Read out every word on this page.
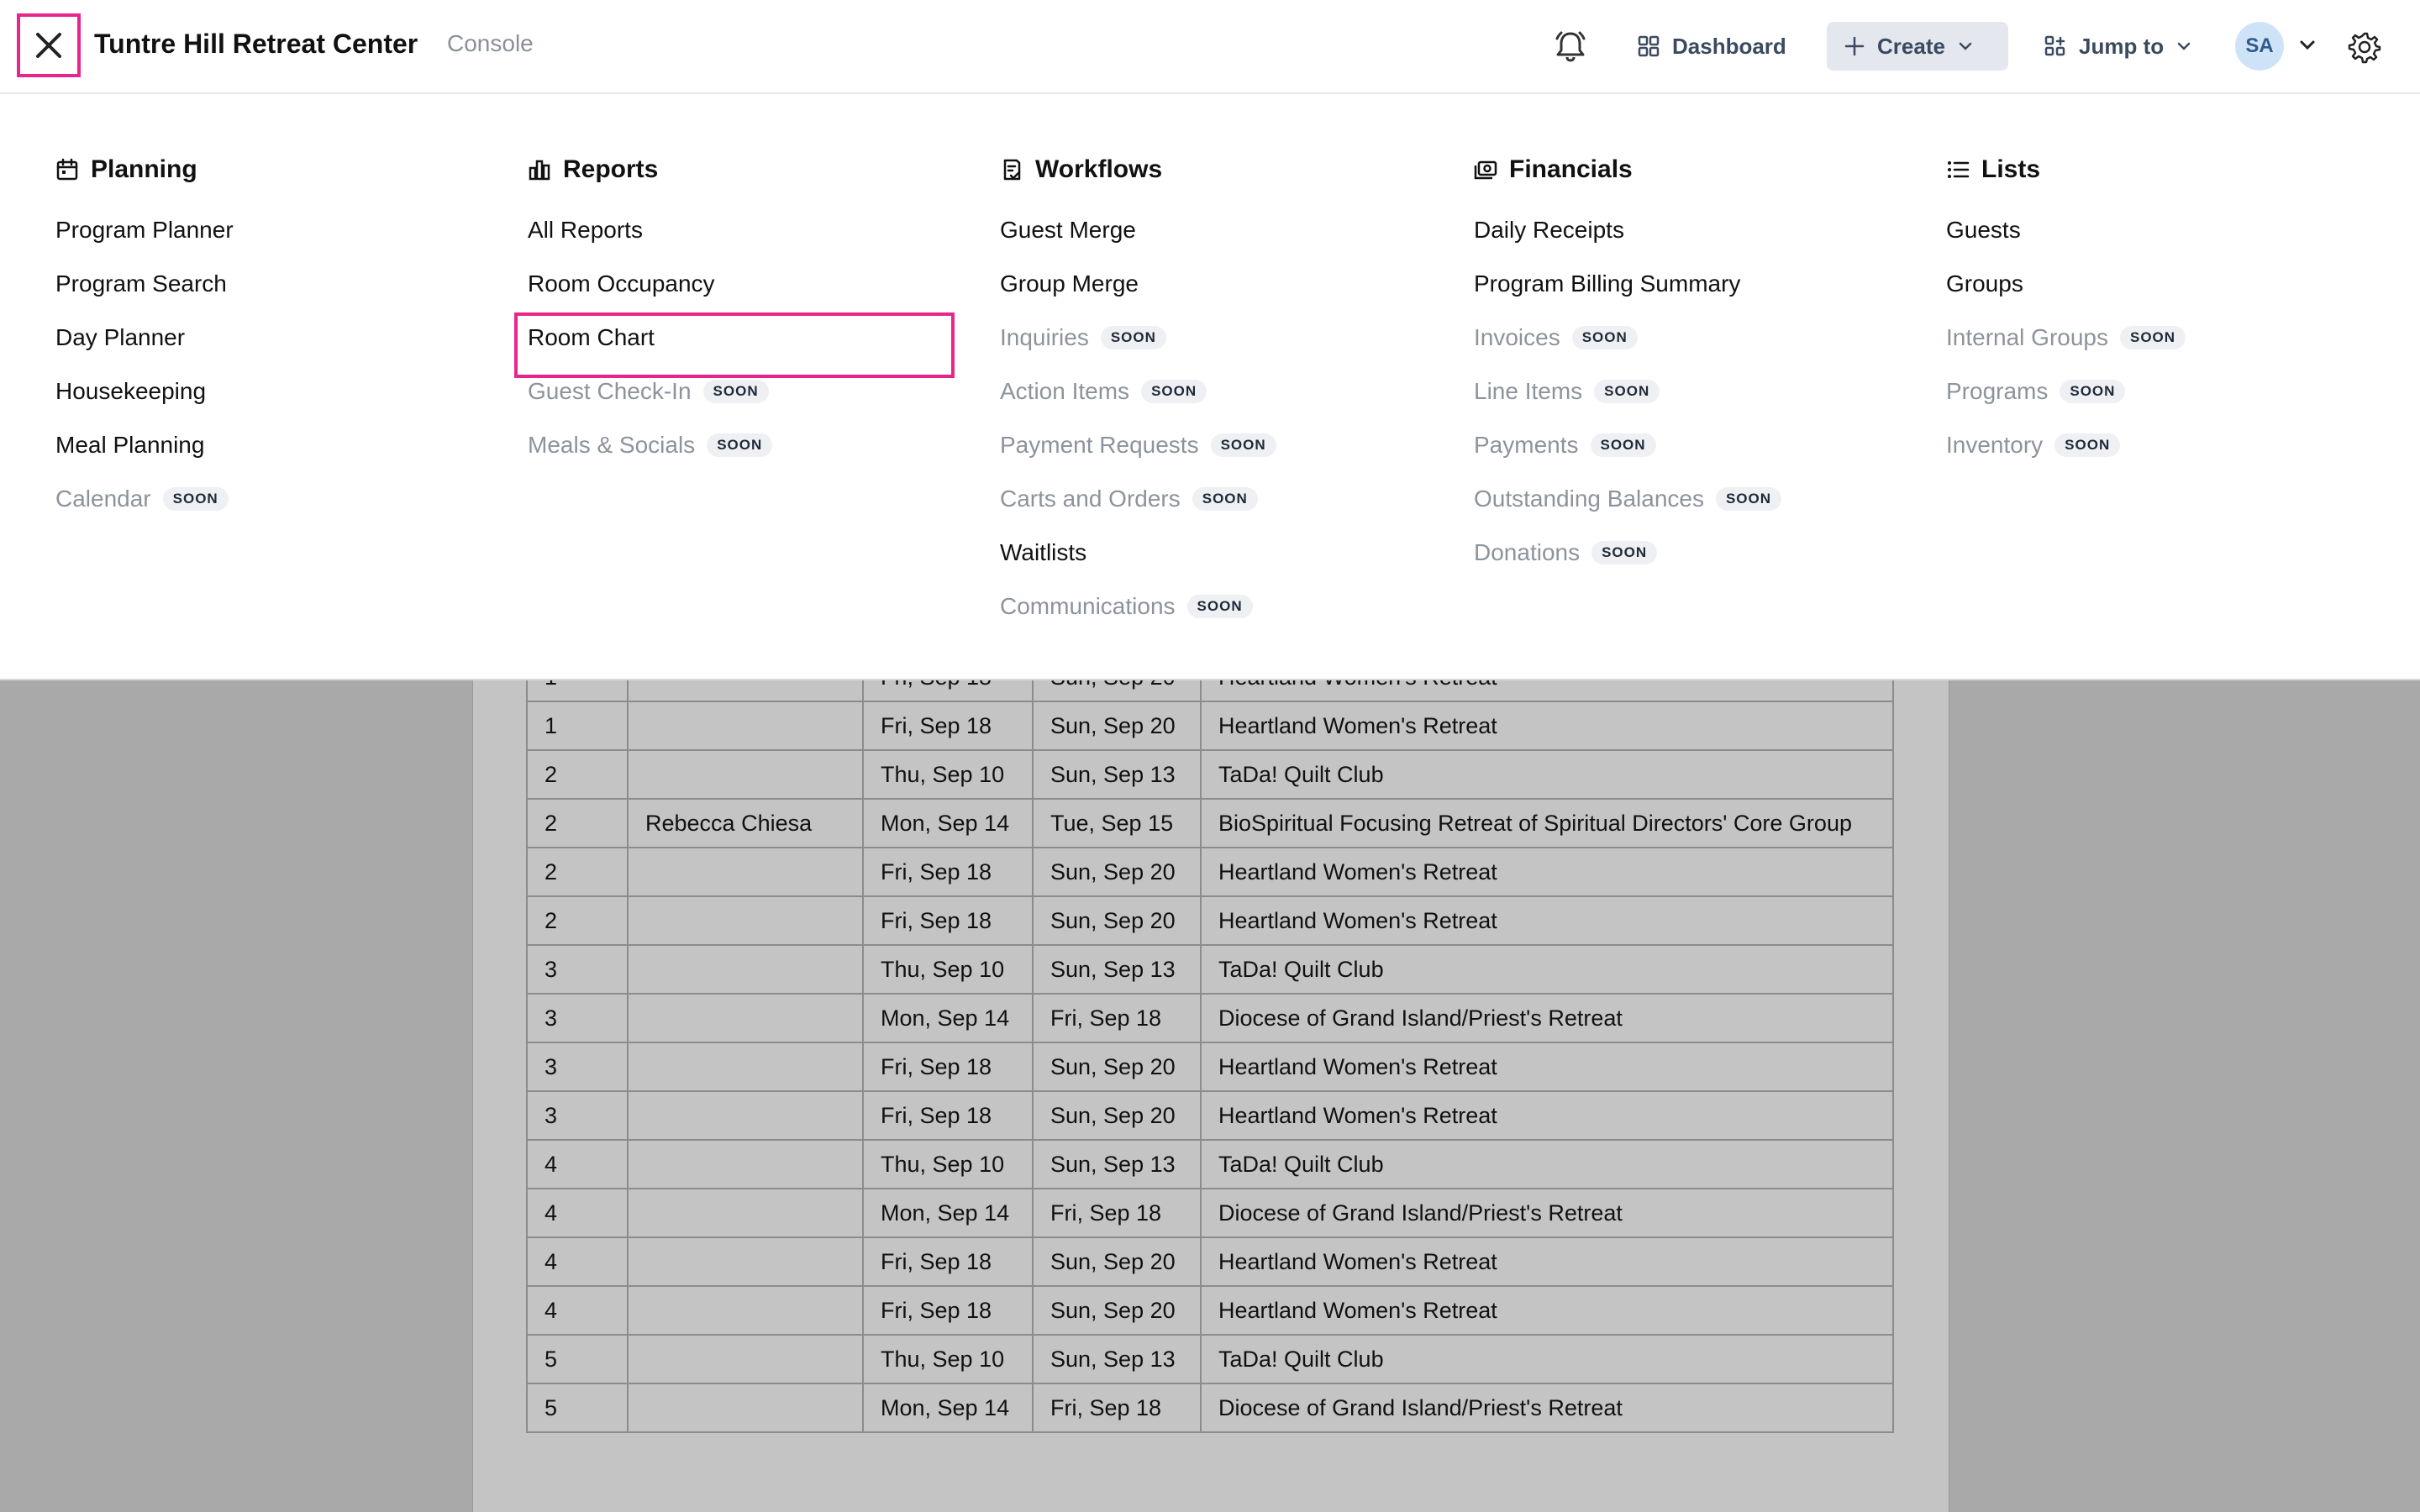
1		Fri, Sep 18	Sun, Sep 20	Heartland Women's Retreat
2		Thu, Sep 10	Sun, Sep 13	TaDa! Quilt Club
2	Rebecca Chiesa	Mon, Sep 14	Tue, Sep 15	BioSpiritual Focusing Retreat of Spiritual Directors' Core Group
2		Fri, Sep 18	Sun, Sep 20	Heartland Women's Retreat
2		Fri, Sep 18	Sun, Sep 20	Heartland Women's Retreat
3		Thu, Sep 10	Sun, Sep 13	TaDa! Quilt Club
3		Mon, Sep 14	Fri, Sep 18	Diocese of Grand Island/Priest's Retreat
3		Fri, Sep 18	Sun, Sep 20	Heartland Women's Retreat
3		Fri, Sep 18	Sun, Sep 20	Heartland Women's Retreat
4		Thu, Sep 10	Sun, Sep 13	TaDa! Quilt Club
4		Mon, Sep 14	Fri, Sep 18	Diocese of Grand Island/Priest's Retreat
4		Fri, Sep 18	Sun, Sep 20	Heartland Women's Retreat
4		Fri, Sep 18	Sun, Sep 20	Heartland Women's Retreat
5		Thu, Sep 10	Sun, Sep 13	TaDa! Quilt Club
5		Mon, Sep 14	Fri, Sep 18	Diocese of Grand Island/Priest's Retreat
Tuntre Hill Retreat Center Console	Dashboard	Create	Jump to	SA
Planning
Program Planner
Program Search
Day Planner
Housekeeping
Meal Planning
Calendar	SOON
Reports
All Reports
Room Occupancy
Room Chart
Guest Check-In	SOON
Meals & Socials	SOON
Workflows
Guest Merge
Group Merge
Inquiries	SOON
Action Items	SOON
Payment Requests	SOON
Carts and Orders	SOON
Waitlists
Communications	SOON
Financials
Daily Receipts
Program Billing Summary
Invoices	SOON
Line Items	SOON
Payments	SOON
Outstanding Balances	SOON
Donations	SOON
Lists
Guests
Groups
Internal Groups	SOON
Programs	SOON
Inventory	SOON
